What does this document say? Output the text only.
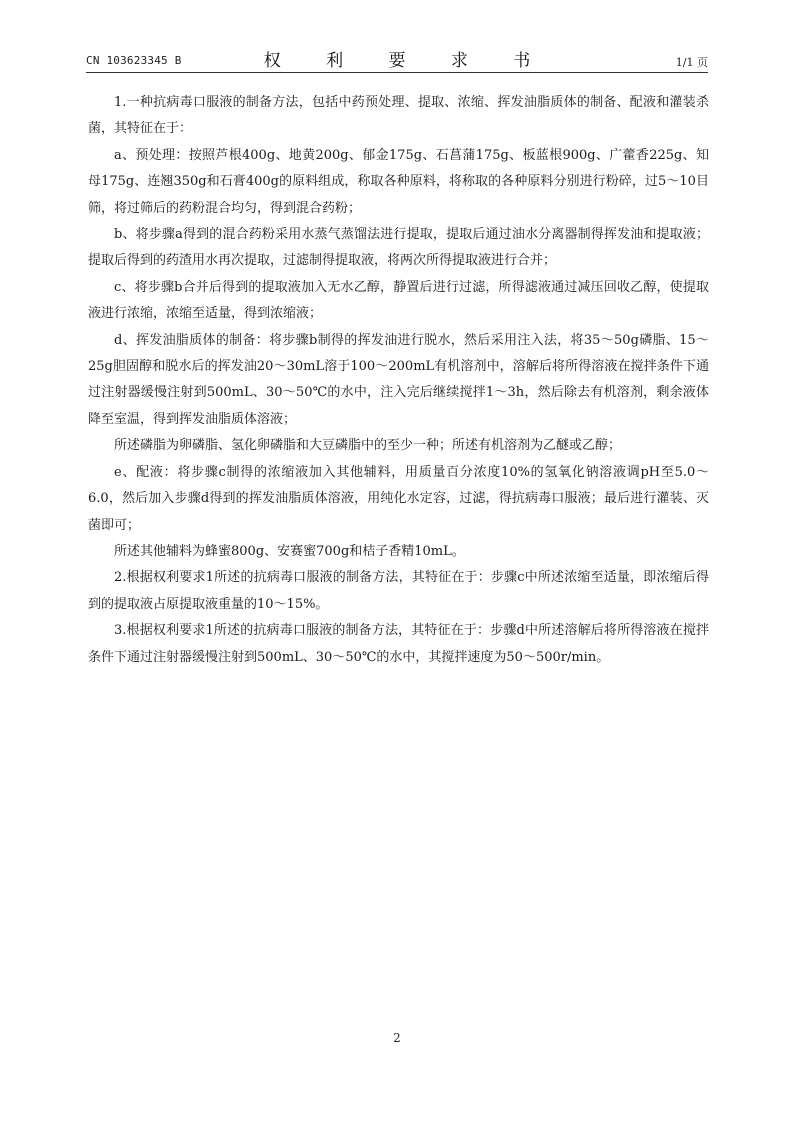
CN 103623345 B	权 利 要 求 书	1/1 页

1.一种抗病毒口服液的制备方法，包括中药预处理、提取、浓缩、挥发油脂质体的制备、配液和灌装杀菌，其特征在于：

a、预处理：按照芦根400g、地黄200g、郁金175g、石菖蒲175g、板蓝根900g、广藿香225g、知母175g、连翘350g和石膏400g的原料组成，称取各种原料，将称取的各种原料分别进行粉碎，过5～10目筛，将过筛后的药粉混合均匀，得到混合药粉；

b、将步骤a得到的混合药粉采用水蒸气蒸馏法进行提取，提取后通过油水分离器制得挥发油和提取液；提取后得到的药渣用水再次提取，过滤制得提取液，将两次所得提取液进行合并；

c、将步骤b合并后得到的提取液加入无水乙醇，静置后进行过滤，所得滤液通过减压回收乙醇，使提取液进行浓缩，浓缩至适量，得到浓缩液；

d、挥发油脂质体的制备：将步骤b制得的挥发油进行脱水，然后采用注入法，将35～50g磷脂、15～25g胆固醇和脱水后的挥发油20～30mL溶于100～200mL有机溶剂中，溶解后将所得溶液在搅拌条件下通过注射器缓慢注射到500mL、30～50℃的水中，注入完后继续搅拌1～3h，然后除去有机溶剂，剩余液体降至室温，得到挥发油脂质体溶液；

所述磷脂为卵磷脂、氢化卵磷脂和大豆磷脂中的至少一种；所述有机溶剂为乙醚或乙醇；

e、配液：将步骤c制得的浓缩液加入其他辅料，用质量百分浓度10%的氢氧化钠溶液调pH至5.0～6.0，然后加入步骤d得到的挥发油脂质体溶液，用纯化水定容，过滤，得抗病毒口服液；最后进行灌装、灭菌即可；

所述其他辅料为蜂蜜800g、安赛蜜700g和桔子香精10mL。

2.根据权利要求1所述的抗病毒口服液的制备方法，其特征在于：步骤c中所述浓缩至适量，即浓缩后得到的提取液占原提取液重量的10～15%。

3.根据权利要求1所述的抗病毒口服液的制备方法，其特征在于：步骤d中所述溶解后将所得溶液在搅拌条件下通过注射器缓慢注射到500mL、30～50℃的水中，其搅拌速度为50～500r/min。

2
